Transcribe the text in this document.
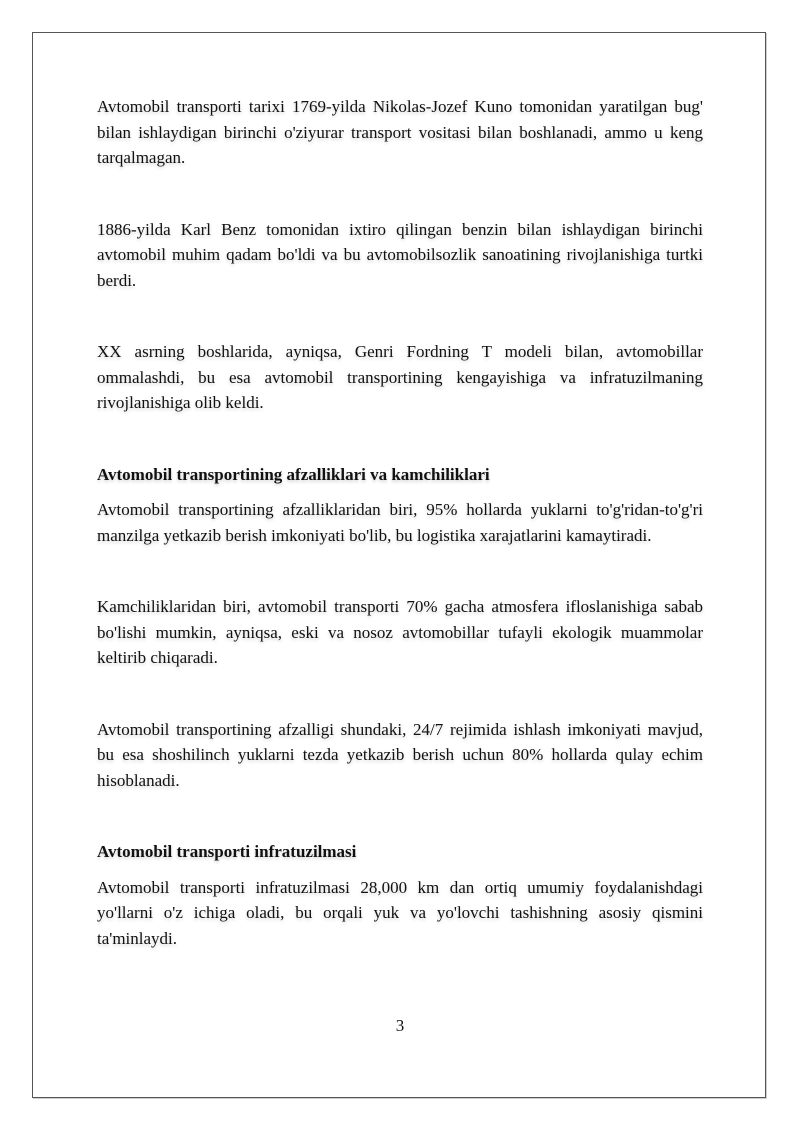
Avtomobil transporti tarixi 1769-yilda Nikolas-Jozef Kuno tomonidan yaratilgan bug' bilan ishlaydigan birinchi o'ziyurar transport vositasi bilan boshlanadi, ammo u keng tarqalmagan.

1886-yilda Karl Benz tomonidan ixtiro qilingan benzin bilan ishlaydigan birinchi avtomobil muhim qadam bo'ldi va bu avtomobilsozlik sanoatining rivojlanishiga turtki berdi.

XX asrning boshlarida, ayniqsa, Genri Fordning T modeli bilan, avtomobillar ommalashdi, bu esa avtomobil transportining kengayishiga va infratuzilmaning rivojlanishiga olib keldi.

Avtomobil transportining afzalliklari va kamchiliklari

Avtomobil transportining afzalliklaridan biri, 95% hollarda yuklarni to'g'ridan-to'g'ri manzilga yetkazib berish imkoniyati bo'lib, bu logistika xarajatlarini kamaytiradi.

Kamchiliklaridan biri, avtomobil transporti 70% gacha atmosfera ifloslanishiga sabab bo'lishi mumkin, ayniqsa, eski va nosoz avtomobillar tufayli ekologik muammolar keltirib chiqaradi.

Avtomobil transportining afzalligi shundaki, 24/7 rejimida ishlash imkoniyati mavjud, bu esa shoshilinch yuklarni tezda yetkazib berish uchun 80% hollarda qulay echim hisoblanadi.

Avtomobil transporti infratuzilmasi

Avtomobil transporti infratuzilmasi 28,000 km dan ortiq umumiy foydalanishdagi yo'llarni o'z ichiga oladi, bu orqali yuk va yo'lovchi tashishning asosiy qismini ta'minlaydi.

3
